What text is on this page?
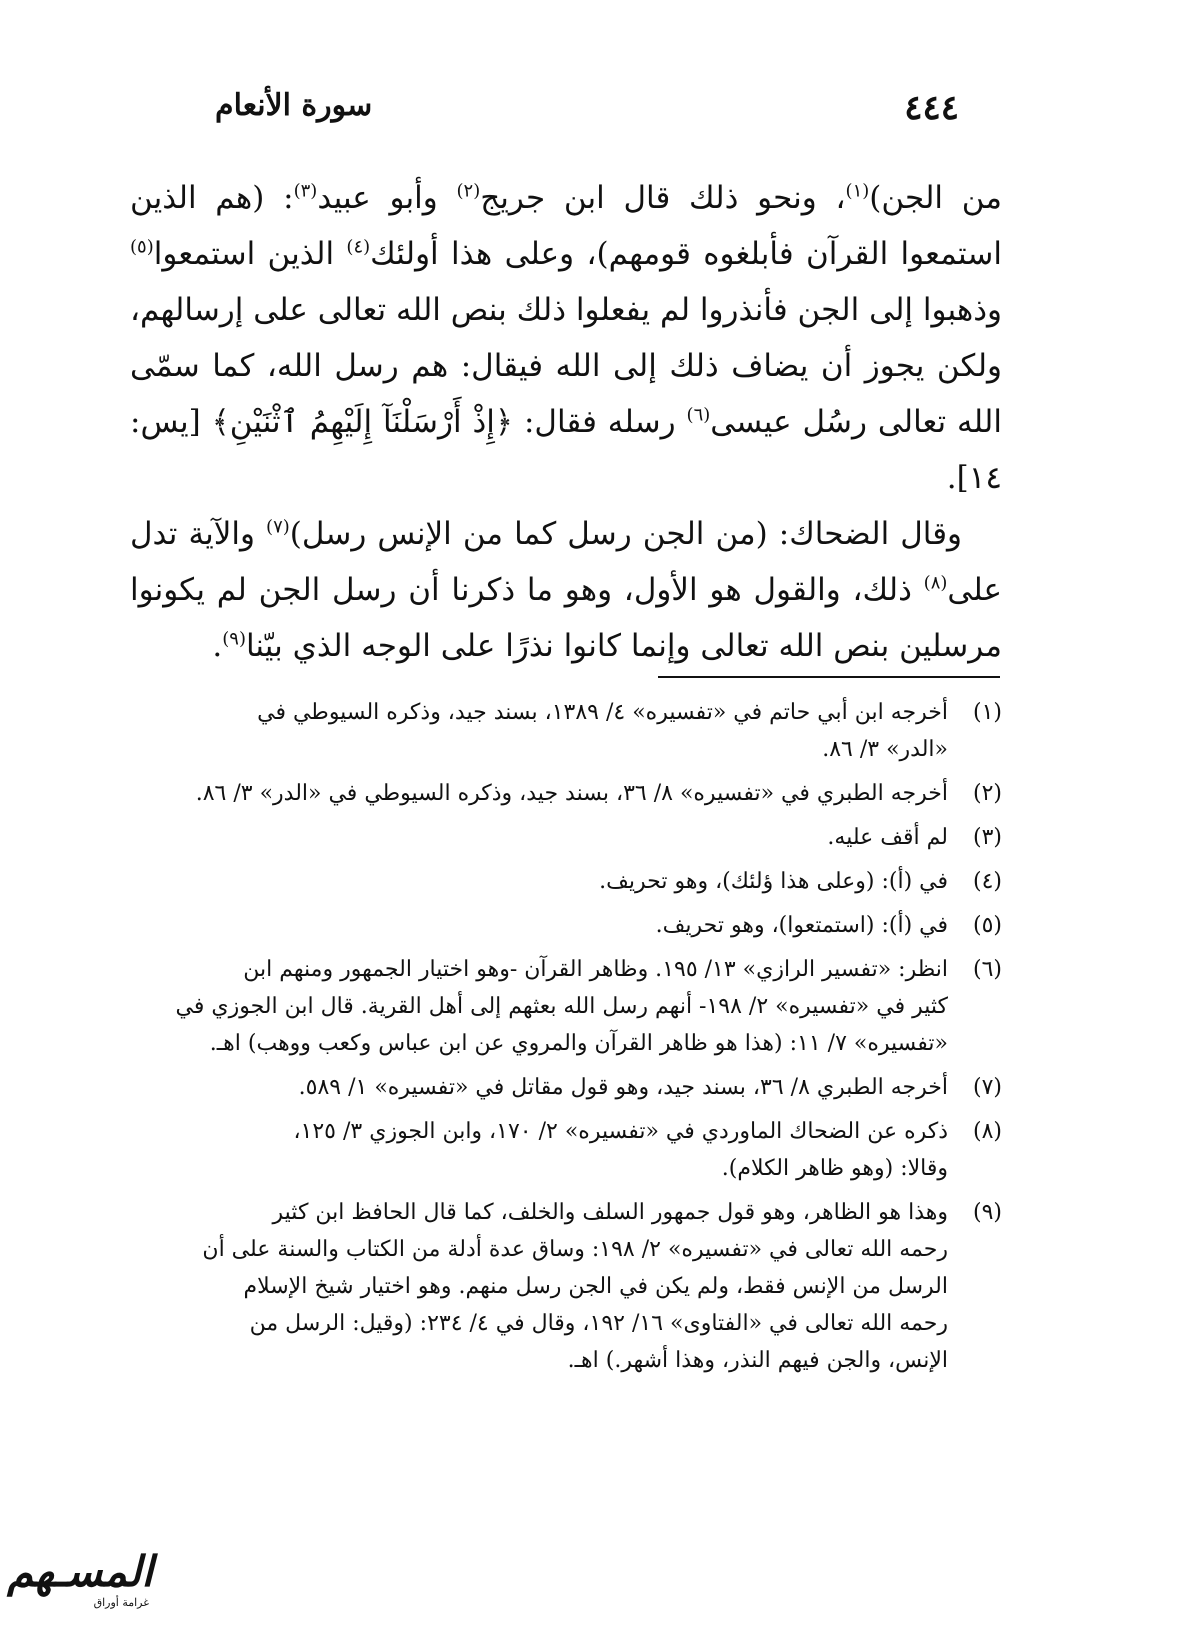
٤٤٤
سورة الأنعام

من الجن)$^{(١)}$، ونحو ذلك قال ابن جريج$^{(٢)}$ وأبو عبيد$^{(٣)}$: (هم الذين استمعوا القرآن فأبلغوه قومهم)، وعلى هذا أولئك$^{(٤)}$ الذين استمعوا$^{(٥)}$ وذهبوا إلى الجن فأنذروا لم يفعلوا ذلك بنص الله تعالى على إرسالهم، ولكن يجوز أن يضاف ذلك إلى الله فيقال: هم رسل الله، كما سمّى الله تعالى رسُل عيسى$^{(٦)}$ رسله فقال: ﴿إِذْ أَرْسَلْنَآ إِلَيْهِمُ ٱثْنَيْنِ﴾ [يس: ١٤].

وقال الضحاك: (من الجن رسل كما من الإنس رسل)$^{(٧)}$ والآية تدل على$^{(٨)}$ ذلك، والقول هو الأول، وهو ما ذكرنا أن رسل الجن لم يكونوا مرسلين بنص الله تعالى وإنما كانوا نذرًا على الوجه الذي بيّنا$^{(٩)}$.

(١)
أخرجه ابن أبي حاتم في «تفسيره» ٤/ ١٣٨٩، بسند جيد، وذكره السيوطي في
«الدر» ٣/ ٨٦.
(٢)
أخرجه الطبري في «تفسيره» ٨/ ٣٦، بسند جيد، وذكره السيوطي في «الدر» ٣/ ٨٦.
(٣)
لم أقف عليه.
(٤)
في (أ): (وعلى هذا ؤلئك)، وهو تحريف.
(٥)
في (أ): (استمتعوا)، وهو تحريف.
(٦)
انظر: «تفسير الرازي» ١٣/ ١٩٥. وظاهر القرآن -وهو اختيار الجمهور ومنهم ابن
كثير في «تفسيره» ٢/ ١٩٨- أنهم رسل الله بعثهم إلى أهل القرية. قال ابن الجوزي في
«تفسيره» ٧/ ١١: (هذا هو ظاهر القرآن والمروي عن ابن عباس وكعب ووهب) اهـ.
(٧)
أخرجه الطبري ٨/ ٣٦، بسند جيد، وهو قول مقاتل في «تفسيره» ١/ ٥٨٩.
(٨)
ذكره عن الضحاك الماوردي في «تفسيره» ٢/ ١٧٠، وابن الجوزي ٣/ ١٢٥،
وقالا: (وهو ظاهر الكلام).
(٩)
وهذا هو الظاهر، وهو قول جمهور السلف والخلف، كما قال الحافظ ابن كثير
رحمه الله تعالى في «تفسيره» ٢/ ١٩٨: وساق عدة أدلة من الكتاب والسنة على أن
الرسل من الإنس فقط، ولم يكن في الجن رسل منهم. وهو اختيار شيخ الإسلام
رحمه الله تعالى في «الفتاوى» ١٦/ ١٩٢، وقال في ٤/ ٢٣٤: (وقيل: الرسل من
الإنس، والجن فيهم النذر، وهذا أشهر.) اهـ.
المسـهم
غرامة أوراق
